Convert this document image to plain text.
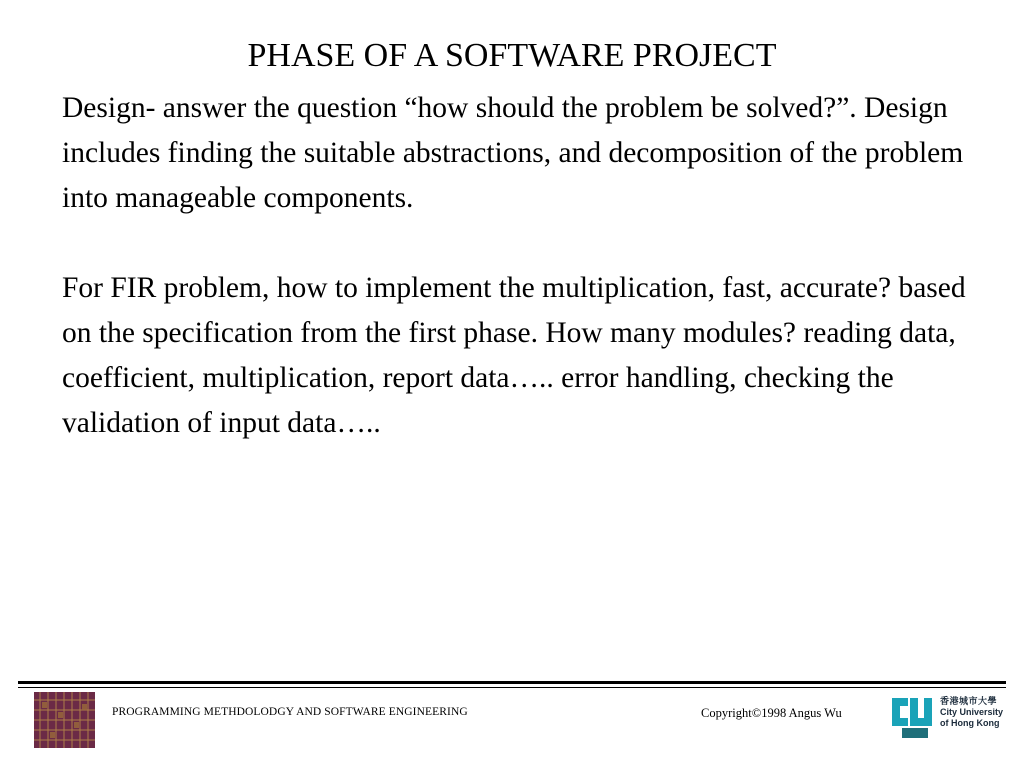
PHASE OF A SOFTWARE PROJECT

Design- answer the question “how should the problem be solved?”. Design includes finding the suitable abstractions, and decomposition of the problem into manageable components.

For FIR problem, how to implement the multiplication, fast, accurate? based on the specification from the first phase. How many modules? reading data, coefficient, multiplication, report data….. error handling, checking the validation of input data…..

PROGRAMMING METHDOLODGY AND SOFTWARE ENGINEERING	Copyright©1998 Angus Wu
香港城市大學
City University
of Hong Kong
